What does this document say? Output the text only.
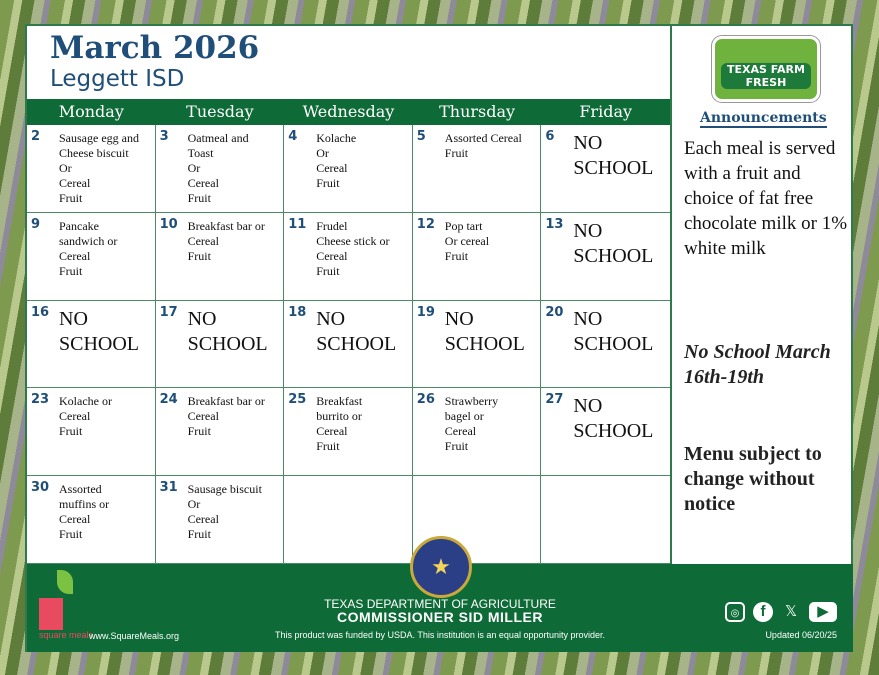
March 2026
Leggett ISD
Monday	Tuesday	Wednesday	Thursday	Friday
2 Sausage egg and
Cheese biscuit
Or
Cereal
Fruit
3 Oatmeal and
Toast
Or
Cereal
Fruit
4 Kolache
Or
Cereal
Fruit
5 Assorted Cereal
Fruit
6 NO
SCHOOL
9 Pancake
sandwich or
Cereal
Fruit
10 Breakfast bar or
Cereal
Fruit
11 Frudel
Cheese stick or
Cereal
Fruit
12 Pop tart
Or cereal
Fruit
13 NO
SCHOOL
16 NO
SCHOOL
17 NO
SCHOOL
18 NO
SCHOOL
19 NO
SCHOOL
20 NO
SCHOOL
23 Kolache or
Cereal
Fruit
24 Breakfast bar or
Cereal
Fruit
25 Breakfast
burrito or
Cereal
Fruit
26 Strawberry
bagel or
Cereal
Fruit
27 NO
SCHOOL
30 Assorted
muffins or
Cereal
Fruit
31 Sausage biscuit
Or
Cereal
Fruit
TEXAS FARM
FRESH
Announcements
Each meal is served with a fruit and choice of fat free chocolate milk or 1% white milk
No School March 16th-19th
Menu subject to change without notice
square meals
www.SquareMeals.org
★
TEXAS DEPARTMENT OF AGRICULTURE
COMMISSIONER SID MILLER
This product was funded by USDA. This institution is an equal opportunity provider.
◎	f	𝕏	▶
Updated 06/20/25
